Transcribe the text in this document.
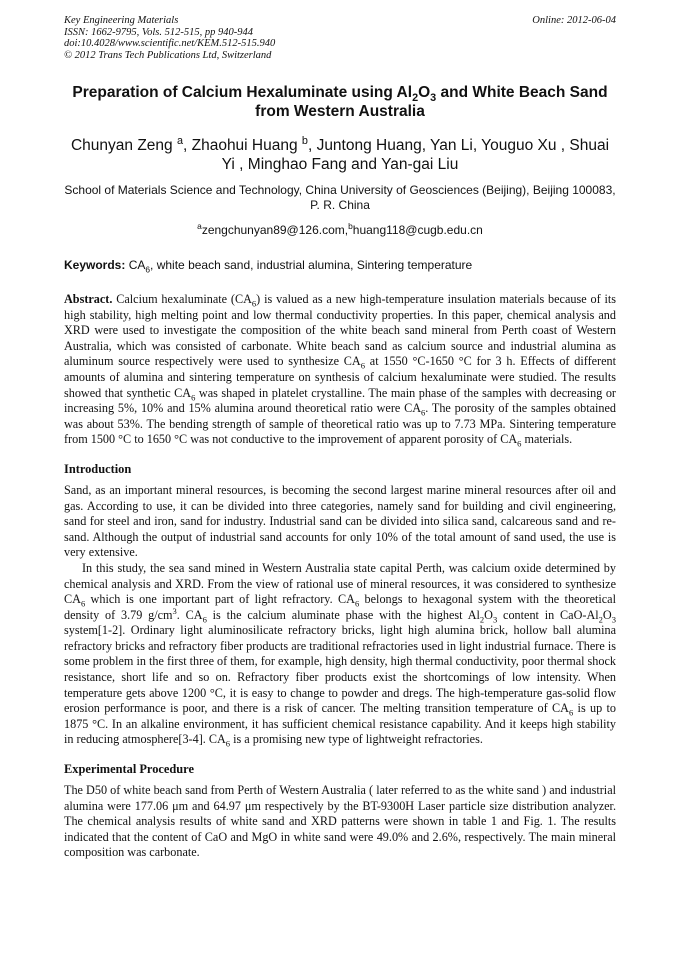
Key Engineering Materials
ISSN: 1662-9795, Vols. 512-515, pp 940-944
doi:10.4028/www.scientific.net/KEM.512-515.940
© 2012 Trans Tech Publications Ltd, Switzerland
Online: 2012-06-04
Preparation of Calcium Hexaluminate using $Al_2O_3$ and White Beach Sand from Western Australia
Chunyan Zeng $^a$, Zhaohui Huang $^b$, Juntong Huang, Yan Li, Youguo Xu , Shuai Yi , Minghao Fang and Yan-gai Liu
School of Materials Science and Technology, China University of Geosciences (Beijing), Beijing 100083, P. R. China
$^a$zengchunyan89@126.com,$^b$huang118@cugb.edu.cn
Keywords: $CA_6$, white beach sand, industrial alumina, Sintering temperature
Abstract. Calcium hexaluminate $(CA_6)$ is valued as a new high-temperature insulation materials because of its high stability, high melting point and low thermal conductivity properties. In this paper, chemical analysis and XRD were used to investigate the composition of the white beach sand mineral from Perth coast of Western Australia, which was consisted of carbonate. White beach sand as calcium source and industrial alumina as aluminum source respectively were used to synthesize $CA_6$ at 1550 °C-1650 °C for 3 h. Effects of different amounts of alumina and sintering temperature on synthesis of calcium hexaluminate were studied. The results showed that synthetic $CA_6$ was shaped in platelet crystalline. The main phase of the samples with decreasing or increasing 5%, 10% and 15% alumina around theoretical ratio were $CA_6$. The porosity of the samples obtained was about 53%. The bending strength of sample of theoretical ratio was up to 7.73 MPa. Sintering temperature from 1500 °C to 1650 °C was not conductive to the improvement of apparent porosity of $CA_6$ materials.
Introduction
Sand, as an important mineral resources, is becoming the second largest marine mineral resources after oil and gas. According to use, it can be divided into three categories, namely sand for building and civil engineering, sand for steel and iron, sand for industry. Industrial sand can be divided into silica sand, calcareous sand and re-sand. Although the output of industrial sand accounts for only 10% of the total amount of sand used, the use is very extensive.
In this study, the sea sand mined in Western Australia state capital Perth, was calcium oxide determined by chemical analysis and XRD. From the view of rational use of mineral resources, it was considered to synthesize $CA_6$ which is one important part of light refractory. $CA_6$ belongs to hexagonal system with the theoretical density of 3.79 $g/cm^3$. $CA_6$ is the calcium aluminate phase with the highest $Al_2O_3$ content in CaO-$Al_2O_3$ system[1-2]. Ordinary light aluminosilicate refractory bricks, light high alumina brick, hollow ball alumina refractory bricks and refractory fiber products are traditional refractories used in light industrial furnace. There is some problem in the first three of them, for example, high density, high thermal conductivity, poor thermal shock resistance, short life and so on. Refractory fiber products exist the shortcomings of low intensity. When temperature gets above 1200 °C, it is easy to change to powder and dregs. The high-temperature gas-solid flow erosion performance is poor, and there is a risk of cancer. The melting transition temperature of $CA_6$ is up to 1875 °C. In an alkaline environment, it has sufficient chemical resistance capability. And it keeps high stability in reducing atmosphere[3-4]. $CA_6$ is a promising new type of lightweight refractories.
Experimental Procedure
The D50 of white beach sand from Perth of Western Australia ( later referred to as the white sand ) and industrial alumina were 177.06 μm and 64.97 μm respectively by the BT-9300H Laser particle size distribution analyzer. The chemical analysis results of white sand and XRD patterns were shown in table 1 and Fig. 1. The results indicated that the content of CaO and MgO in white sand were 49.0% and 2.6%, respectively. The main mineral composition was carbonate.
